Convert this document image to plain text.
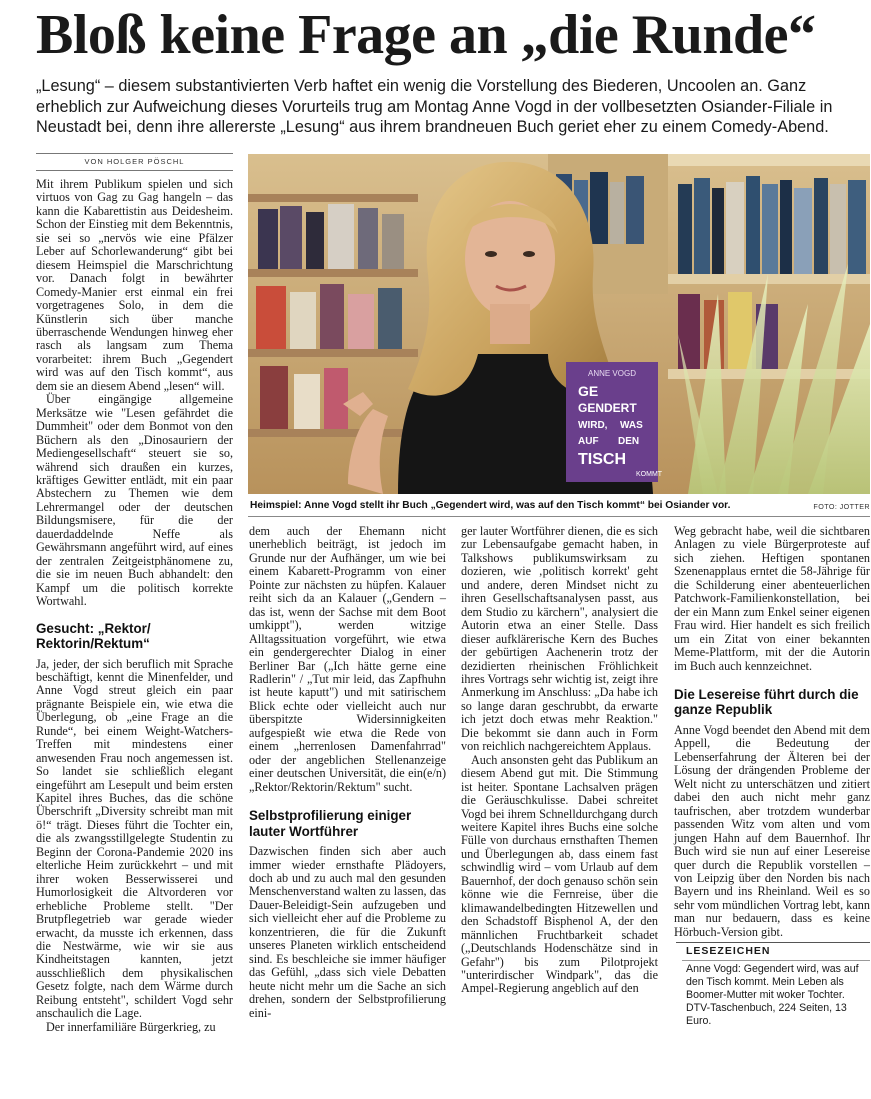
Bloß keine Frage an „die Runde“

„Lesung“ – diesem substantivierten Verb haftet ein wenig die Vorstellung des Biederen, Uncoolen an. Ganz erheblich zur Aufweichung dieses Vorurteils trug am Montag Anne Vogd in der vollbesetzten Osiander-Filiale in Neustadt bei, denn ihre allererste „Lesung“ aus ihrem brandneuen Buch geriet eher zu einem Comedy-Abend.

VON HOLGER PÖSCHL
ANNE VOGD
GE
GENDERT
WIRD, WAS
AUF DEN
TISCH
KOMMT
Heimspiel: Anne Vogd stellt ihr Buch „Gegendert wird, was auf den Tisch kommt“ bei Osiander vor.	FOTO: JOTTER

Mit ihrem Publikum spielen und sich virtuos von Gag zu Gag hangeln – das kann die Kabarettistin aus Deidesheim. Schon der Einstieg mit dem Bekenntnis, sie sei so „nervös wie eine Pfälzer Leber auf Schorlewanderung“ gibt bei diesem Heimspiel die Marschrichtung vor. Danach folgt in bewährter Comedy-Manier erst einmal ein frei vorgetragenes Solo, in dem die Künstlerin sich über manche überraschende Wendungen hinweg eher rasch als langsam zum Thema vorarbeitet: ihrem Buch „Gegendert wird was auf den Tisch kommt“, aus dem sie an diesem Abend „lesen“ will.

Über eingängige allgemeine Merksätze wie "Lesen gefährdet die Dummheit" oder dem Bonmot von den Büchern als den „Dinosauriern der Mediengesellschaft“ steuert sie so, während sich draußen ein kurzes, kräftiges Gewitter entlädt, mit ein paar Abstechern zu Themen wie dem Lehrermangel oder der deutschen Bildungsmisere, für die der dauerdaddelnde Neffe als Gewährsmann angeführt wird, auf eines der zentralen Zeitgeistphänomene zu, die sie im neuen Buch abhandelt: den Kampf um die politisch korrekte Wortwahl.

Gesucht: „Rektor/ Rektorin/Rektum“

Ja, jeder, der sich beruflich mit Sprache beschäftigt, kennt die Minenfelder, und Anne Vogd streut gleich ein paar prägnante Beispiele ein, wie etwa die Überlegung, ob „eine Frage an die Runde“, bei einem Weight-Watchers-Treffen mit mindestens einer anwesenden Frau noch angemessen ist. So landet sie schließlich elegant eingeführt am Lesepult und beim ersten Kapitel ihres Buches, das die schöne Überschrift „Diversity schreibt man mit ö!“ trägt. Dieses führt die Tochter ein, die als zwangsstillgelegte Studentin zu Beginn der Corona-Pandemie 2020 ins elterliche Heim zurückkehrt – und mit ihrer woken Besserwisserei und Humorlosigkeit die Altvorderen vor erhebliche Probleme stellt. "Der Brutpflegetrieb war gerade wieder erwacht, da musste ich erkennen, dass die Nestwärme, wie wir sie aus Kindheitstagen kannten, jetzt ausschließlich dem physikalischen Gesetz folgte, nach dem Wärme durch Reibung entsteht", schildert Vogd sehr anschaulich die Lage.

Der innerfamiliäre Bürgerkrieg, zu

dem auch der Ehemann nicht unerheblich beiträgt, ist jedoch im Grunde nur der Aufhänger, um wie bei einem Kabarett-Programm von einer Pointe zur nächsten zu hüpfen. Kalauer reiht sich da an Kalauer („Gendern – das ist, wenn der Sachse mit dem Boot umkippt"), werden witzige Alltagssituation vorgeführt, wie etwa ein gendergerechter Dialog in einer Berliner Bar („Ich hätte gerne eine Radlerin" / „Tut mir leid, das Zapfhuhn ist heute kaputt") und mit satirischem Blick echte oder vielleicht auch nur überspitzte Widersinnigkeiten aufgespießt wie etwa die Rede von einem „herrenlosen Damenfahrrad" oder der angeblichen Stellenanzeige einer deutschen Universität, die ein(e/n) „Rektor/Rektorin/Rektum" sucht.

Selbstprofilierung einiger lauter Wortführer

Dazwischen finden sich aber auch immer wieder ernsthafte Plädoyers, doch ab und zu auch mal den gesunden Menschenverstand walten zu lassen, das Dauer-Beleidigt-Sein aufzugeben und sich vielleicht eher auf die Probleme zu konzentrieren, die für die Zukunft unseres Planeten wirklich entscheidend sind. Es beschleiche sie immer häufiger das Gefühl, „dass sich viele Debatten heute nicht mehr um die Sache an sich drehen, sondern der Selbstprofilierung eini-

ger lauter Wortführer dienen, die es sich zur Lebensaufgabe gemacht haben, in Talkshows publikumswirksam zu dozieren, wie ‚politisch korrekt' geht und andere, deren Mindset nicht zu ihren Gesellschaftsanalysen passt, aus dem Studio zu kärchern", analysiert die Autorin etwa an einer Stelle. Dass dieser aufklärerische Kern des Buches der gebürtigen Aachenerin trotz der dezidierten rheinischen Fröhlichkeit ihres Vortrags sehr wichtig ist, zeigt ihre Anmerkung im Anschluss: „Da habe ich so lange daran geschrubbt, da erwarte ich jetzt doch etwas mehr Reaktion." Die bekommt sie dann auch in Form von reichlich nachgereichtem Applaus.

Auch ansonsten geht das Publikum an diesem Abend gut mit. Die Stimmung ist heiter. Spontane Lachsalven prägen die Geräuschkulisse. Dabei schreitet Vogd bei ihrem Schnelldurchgang durch weitere Kapitel ihres Buchs eine solche Fülle von durchaus ernsthaften Themen und Überlegungen ab, dass einem fast schwindlig wird – vom Urlaub auf dem Bauernhof, der doch genauso schön sein könne wie die Fernreise, über die klimawandelbedingten Hitzewellen und den Schadstoff Bisphenol A, der den männlichen Fruchtbarkeit schadet („Deutschlands Hodenschätze sind in Gefahr") bis zum Pilotprojekt "unterirdischer Windpark", das die Ampel-Regierung angeblich auf den

Weg gebracht habe, weil die sichtbaren Anlagen zu viele Bürgerproteste auf sich ziehen. Heftigen spontanen Szenenapplaus erntet die 58-Jährige für die Schilderung einer abenteuerlichen Patchwork-Familienkonstellation, bei der ein Mann zum Enkel seiner eigenen Frau wird. Hier handelt es sich freilich um ein Zitat von einer bekannten Meme-Plattform, mit der die Autorin im Buch auch kennzeichnet.

Die Lesereise führt durch die ganze Republik

Anne Vogd beendet den Abend mit dem Appell, die Bedeutung der Lebenserfahrung der Älteren bei der Lösung der drängenden Probleme der Welt nicht zu unterschätzen und zitiert dabei den auch nicht mehr ganz taufrischen, aber trotzdem wunderbar passenden Witz vom alten und vom jungen Hahn auf dem Bauernhof. Ihr Buch wird sie nun auf einer Lesereise quer durch die Republik vorstellen – von Leipzig über den Norden bis nach Bayern und ins Rheinland. Weil es so sehr vom mündlichen Vortrag lebt, kann man nur bedauern, dass es keine Hörbuch-Version gibt.

LESEZEICHEN
Anne Vogd: Gegendert wird, was auf den Tisch kommt. Mein Leben als Boomer-Mutter mit woker Tochter. DTV-Taschenbuch, 224 Seiten, 13 Euro.
